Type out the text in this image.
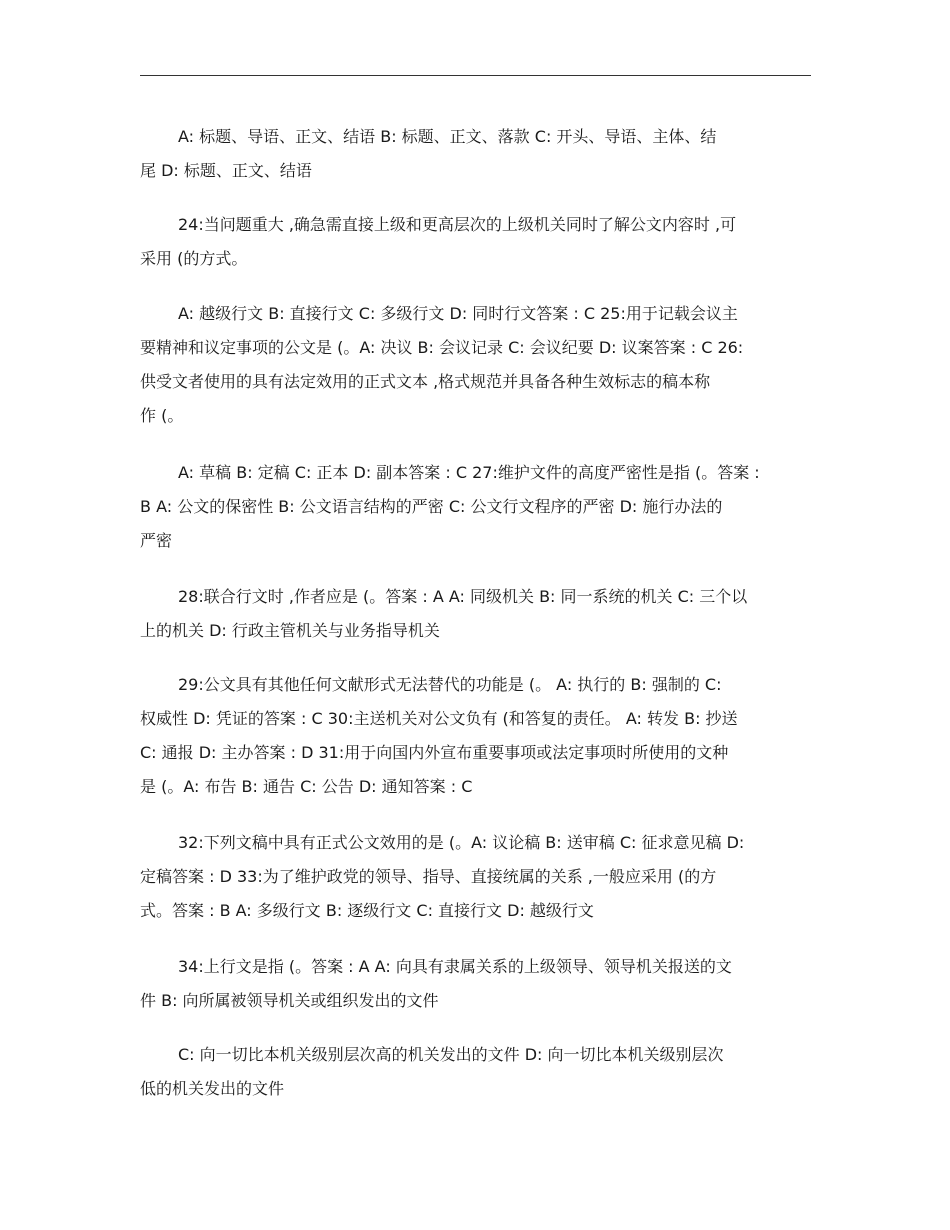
A: 标题、导语、正文、结语 B: 标题、正文、落款 C: 开头、导语、主体、结
尾 D: 标题、正文、结语
24:当问题重大 ,确急需直接上级和更高层次的上级机关同时了解公文内容时 ,可
采用 (的方式。
A: 越级行文 B: 直接行文 C: 多级行文 D: 同时行文答案 : C 25:用于记载会议主
要精神和议定事项的公文是 (。A: 决议 B: 会议记录 C: 会议纪要 D: 议案答案 : C 26:
供受文者使用的具有法定效用的正式文本 ,格式规范并具备各种生效标志的稿本称
作 (。
A: 草稿 B: 定稿 C: 正本 D: 副本答案 : C 27:维护文件的高度严密性是指 (。答案 :
B A: 公文的保密性 B: 公文语言结构的严密 C: 公文行文程序的严密 D: 施行办法的
严密
28:联合行文时 ,作者应是 (。答案 : A A: 同级机关 B: 同一系统的机关 C: 三个以
上的机关 D: 行政主管机关与业务指导机关
29:公文具有其他任何文献形式无法替代的功能是 (。 A: 执行的 B: 强制的 C:
权威性 D: 凭证的答案 : C 30:主送机关对公文负有 (和答复的责任。 A: 转发 B: 抄送
C: 通报 D: 主办答案 : D 31:用于向国内外宣布重要事项或法定事项时所使用的文种
是 (。A: 布告 B: 通告 C: 公告 D: 通知答案 : C
32:下列文稿中具有正式公文效用的是 (。A: 议论稿 B: 送审稿 C: 征求意见稿 D:
定稿答案 : D 33:为了维护政党的领导、指导、直接统属的关系 ,一般应采用 (的方
式。答案 : B A: 多级行文 B: 逐级行文 C: 直接行文 D: 越级行文
34:上行文是指 (。答案 : A A: 向具有隶属关系的上级领导、领导机关报送的文
件 B: 向所属被领导机关或组织发出的文件
C: 向一切比本机关级别层次高的机关发出的文件 D: 向一切比本机关级别层次
低的机关发出的文件
